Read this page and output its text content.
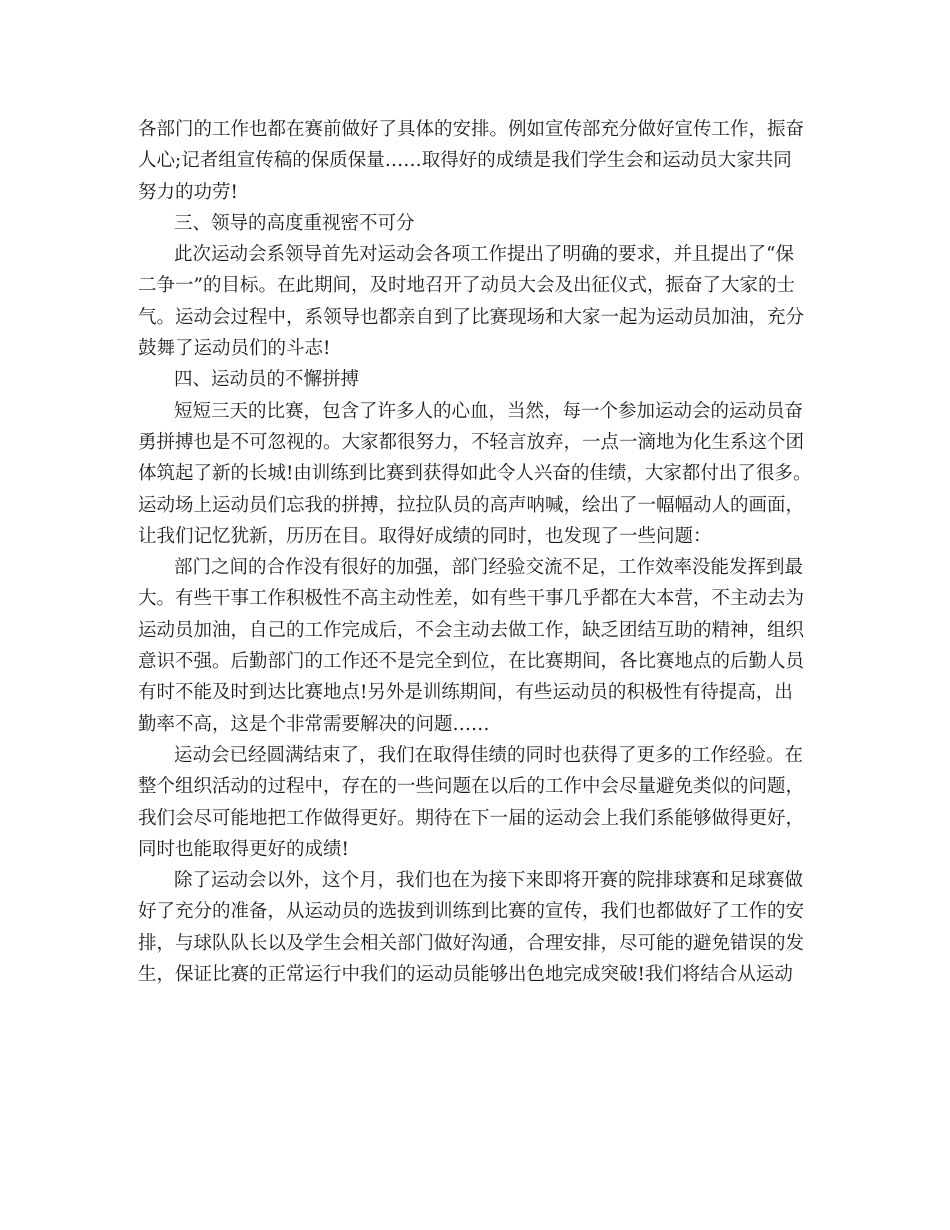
各部门的工作也都在赛前做好了具体的安排。例如宣传部充分做好宣传工作，振奋
人心;记者组宣传稿的保质保量……取得好的成绩是我们学生会和运动员大家共同
努力的功劳!
三、领导的高度重视密不可分
此次运动会系领导首先对运动会各项工作提出了明确的要求，并且提出了“保
二争一”的目标。在此期间，及时地召开了动员大会及出征仪式，振奋了大家的士
气。运动会过程中，系领导也都亲自到了比赛现场和大家一起为运动员加油，充分
鼓舞了运动员们的斗志!
四、运动员的不懈拼搏
短短三天的比赛，包含了许多人的心血，当然，每一个参加运动会的运动员奋
勇拼搏也是不可忽视的。大家都很努力，不轻言放弃，一点一滴地为化生系这个团
体筑起了新的长城!由训练到比赛到获得如此令人兴奋的佳绩，大家都付出了很多。
运动场上运动员们忘我的拼搏，拉拉队员的高声呐喊，绘出了一幅幅动人的画面，
让我们记忆犹新，历历在目。取得好成绩的同时，也发现了一些问题：
部门之间的合作没有很好的加强，部门经验交流不足，工作效率没能发挥到最
大。有些干事工作积极性不高主动性差，如有些干事几乎都在大本营，不主动去为
运动员加油，自己的工作完成后，不会主动去做工作，缺乏团结互助的精神，组织
意识不强。后勤部门的工作还不是完全到位，在比赛期间，各比赛地点的后勤人员
有时不能及时到达比赛地点!另外是训练期间，有些运动员的积极性有待提高，出
勤率不高，这是个非常需要解决的问题……
运动会已经圆满结束了，我们在取得佳绩的同时也获得了更多的工作经验。在
整个组织活动的过程中，存在的一些问题在以后的工作中会尽量避免类似的问题，
我们会尽可能地把工作做得更好。期待在下一届的运动会上我们系能够做得更好，
同时也能取得更好的成绩!
除了运动会以外，这个月，我们也在为接下来即将开赛的院排球赛和足球赛做
好了充分的准备，从运动员的选拔到训练到比赛的宣传，我们也都做好了工作的安
排，与球队队长以及学生会相关部门做好沟通，合理安排，尽可能的避免错误的发
生，保证比赛的正常运行中我们的运动员能够出色地完成突破!我们将结合从运动
